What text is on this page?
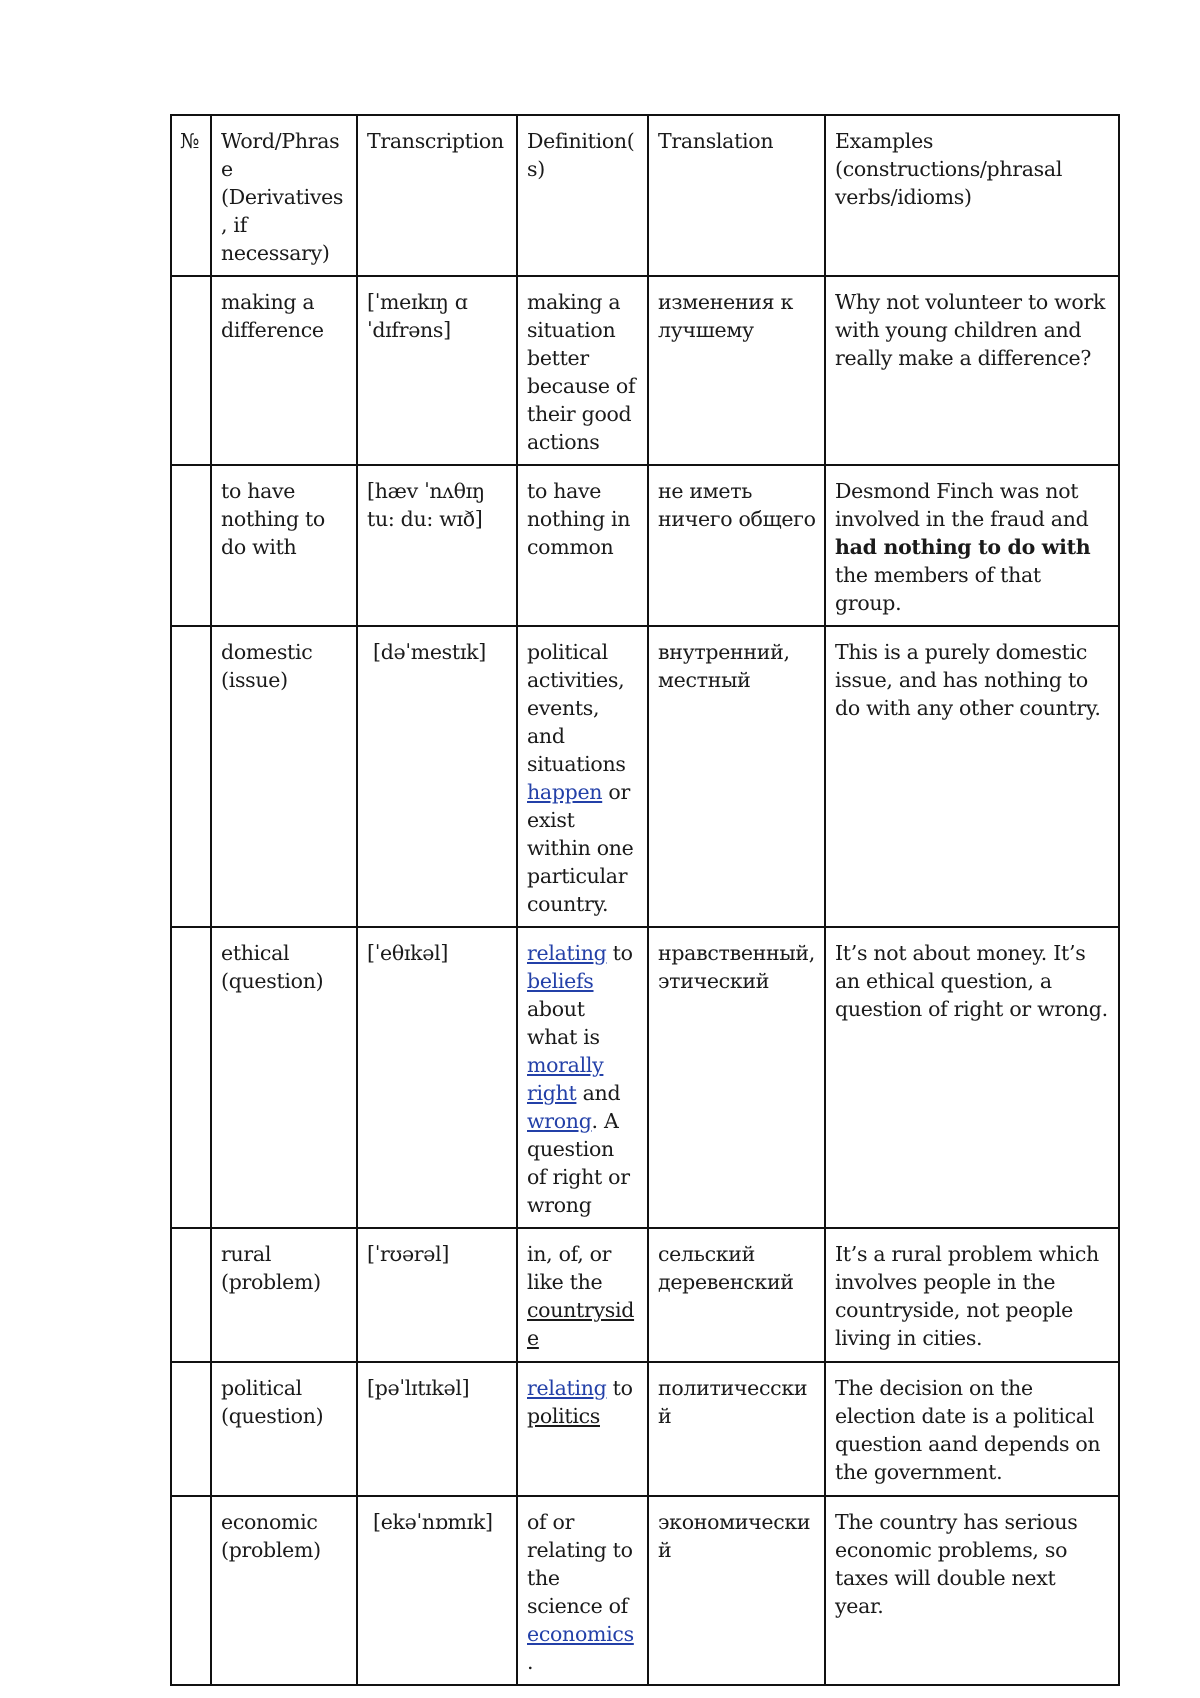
№	Word/Phrase (Derivatives, if necessary)	Transcription	Definition(s)	Translation	Examples (constructions/phrasal verbs/idioms)
	making a difference	[ˈmeɪkɪŋ ɑ ˈdɪfrəns]	making a situation better because of their good actions	изменения к лучшему	Why not volunteer to work with young children and really make a difference?
	to have nothing to do with	[hæv ˈnʌθɪŋ tu: du: wɪð]	to have nothing in common	не иметь ничего общего	Desmond Finch was not involved in the fraud and had nothing to do with the members of that group.
	domestic (issue)	[dəˈmestɪk]	political activities, events, and situations happen or exist within one particular country.	внутренний, местный	This is a purely domestic issue, and has nothing to do with any other country.
	ethical (question)	[ˈeθɪkəl]	relating to beliefs about what is morally right and wrong. A question of right or wrong	нравственный, этический	It’s not about money. It’s an ethical question, a question of right or wrong.
	rural (problem)	[ˈrʊərəl]	in, of, or like the countryside	сельский деревенский	It’s a rural problem which involves people in the countryside, not people living in cities.
	political (question)	[pəˈlɪtɪkəl]	relating to politics	политичесский	The decision on the election date is a political question aand depends on the government.
	economic (problem)	[ekəˈnɒmɪk]	of or relating to the science of economics.	экономический	The country has serious economic problems, so taxes will double next year.
